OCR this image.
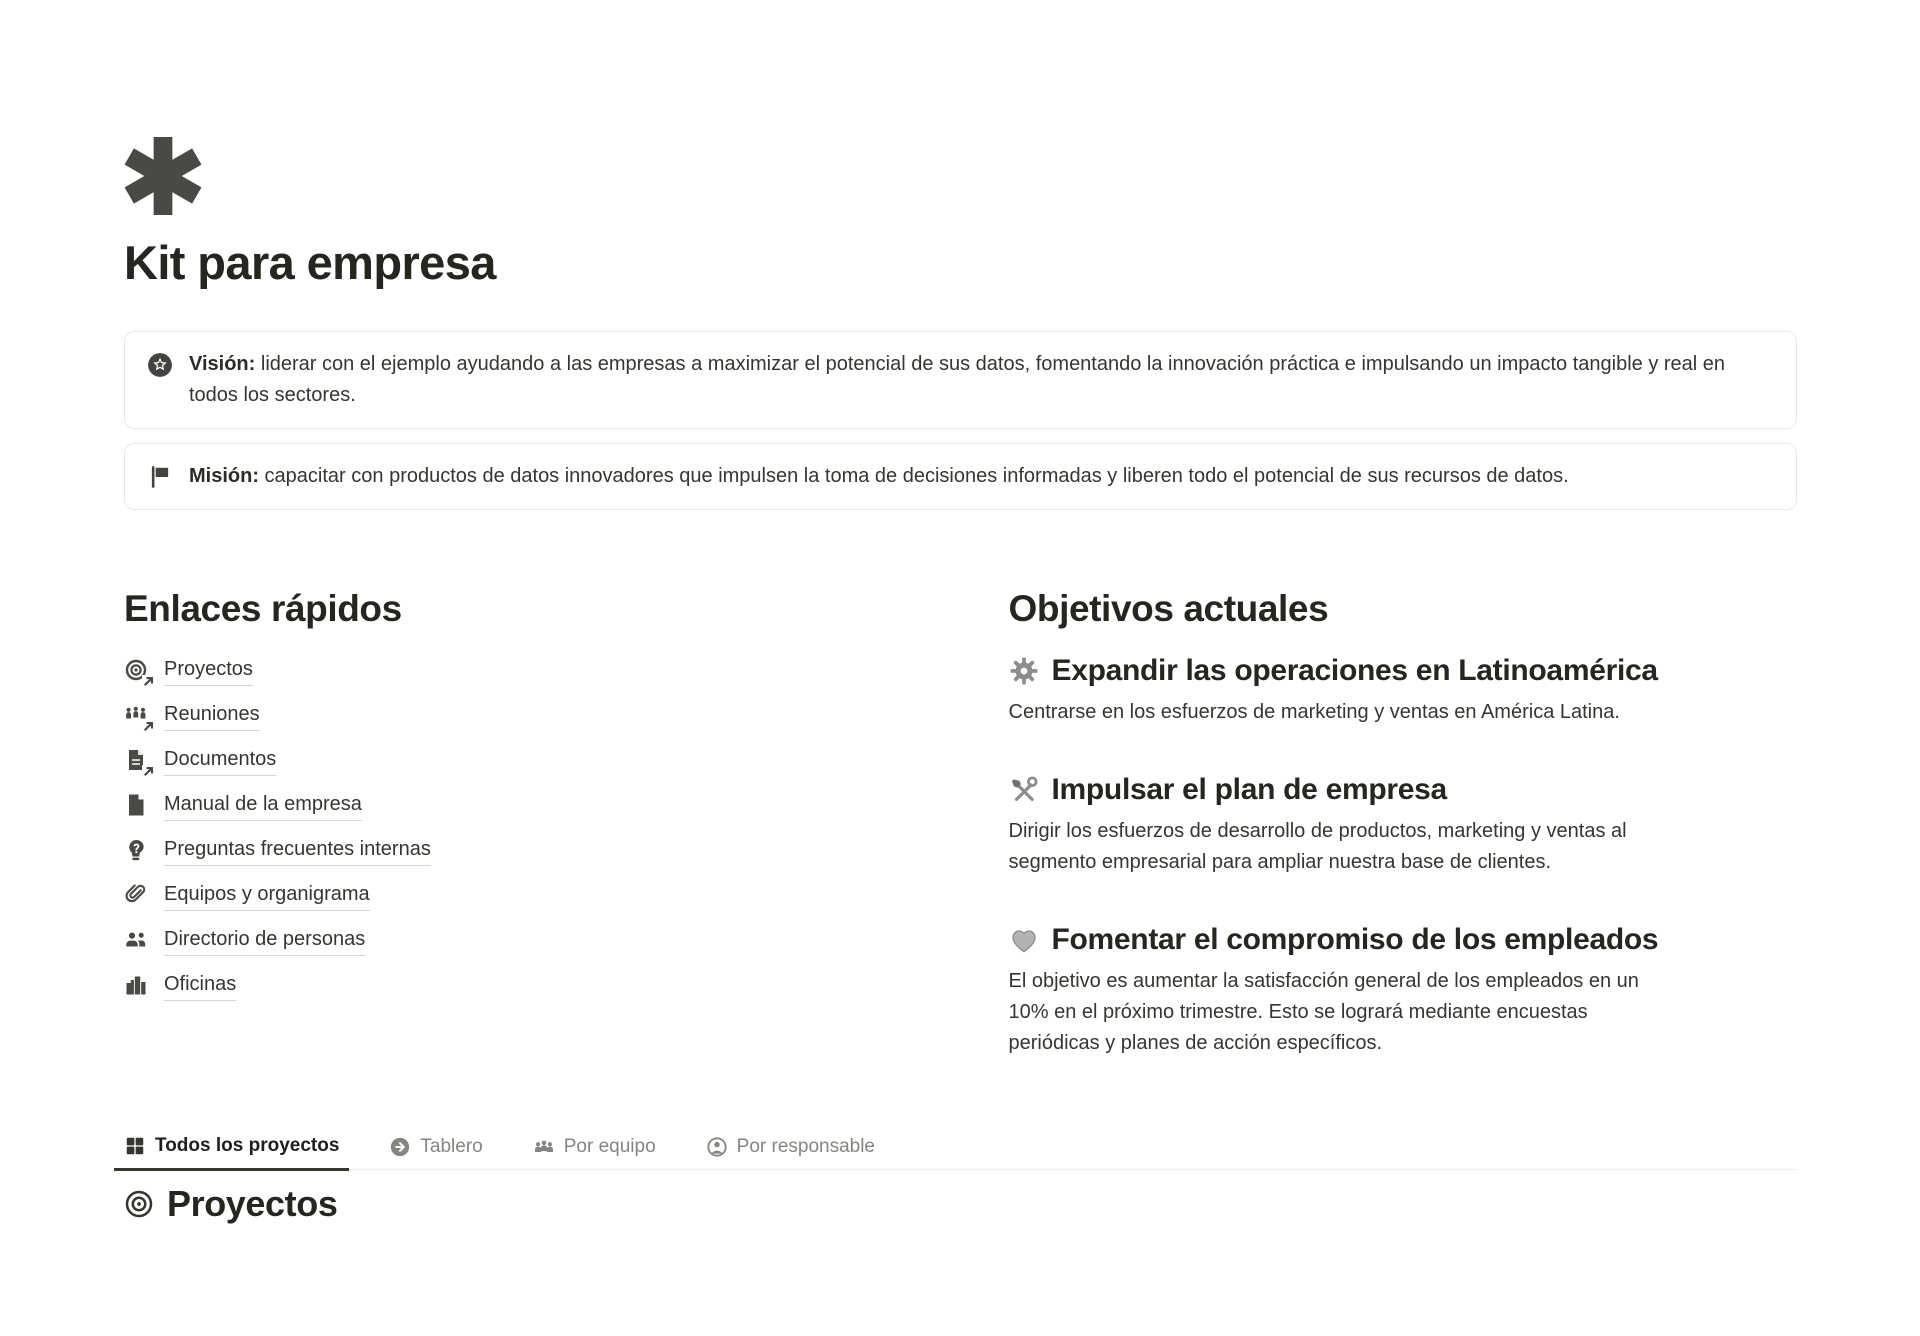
Kit para empresa
Visión: liderar con el ejemplo ayudando a las empresas a maximizar el potencial de sus datos, fomentando la innovación práctica e impulsando un impacto tangible y real en todos los sectores.
Misión: capacitar con productos de datos innovadores que impulsen la toma de decisiones informadas y liberen todo el potencial de sus recursos de datos.
Enlaces rápidos
Proyectos
Reuniones
Documentos
Manual de la empresa
Preguntas frecuentes internas
Equipos y organigrama
Directorio de personas
Oficinas
Objetivos actuales
Expandir las operaciones en Latinoamérica
Centrarse en los esfuerzos de marketing y ventas en América Latina.
Impulsar el plan de empresa
Dirigir los esfuerzos de desarrollo de productos, marketing y ventas al segmento empresarial para ampliar nuestra base de clientes.
Fomentar el compromiso de los empleados
El objetivo es aumentar la satisfacción general de los empleados en un 10% en el próximo trimestre. Esto se logrará mediante encuestas periódicas y planes de acción específicos.
Todos los proyectos	Tablero	Por equipo	Por responsable
Proyectos
